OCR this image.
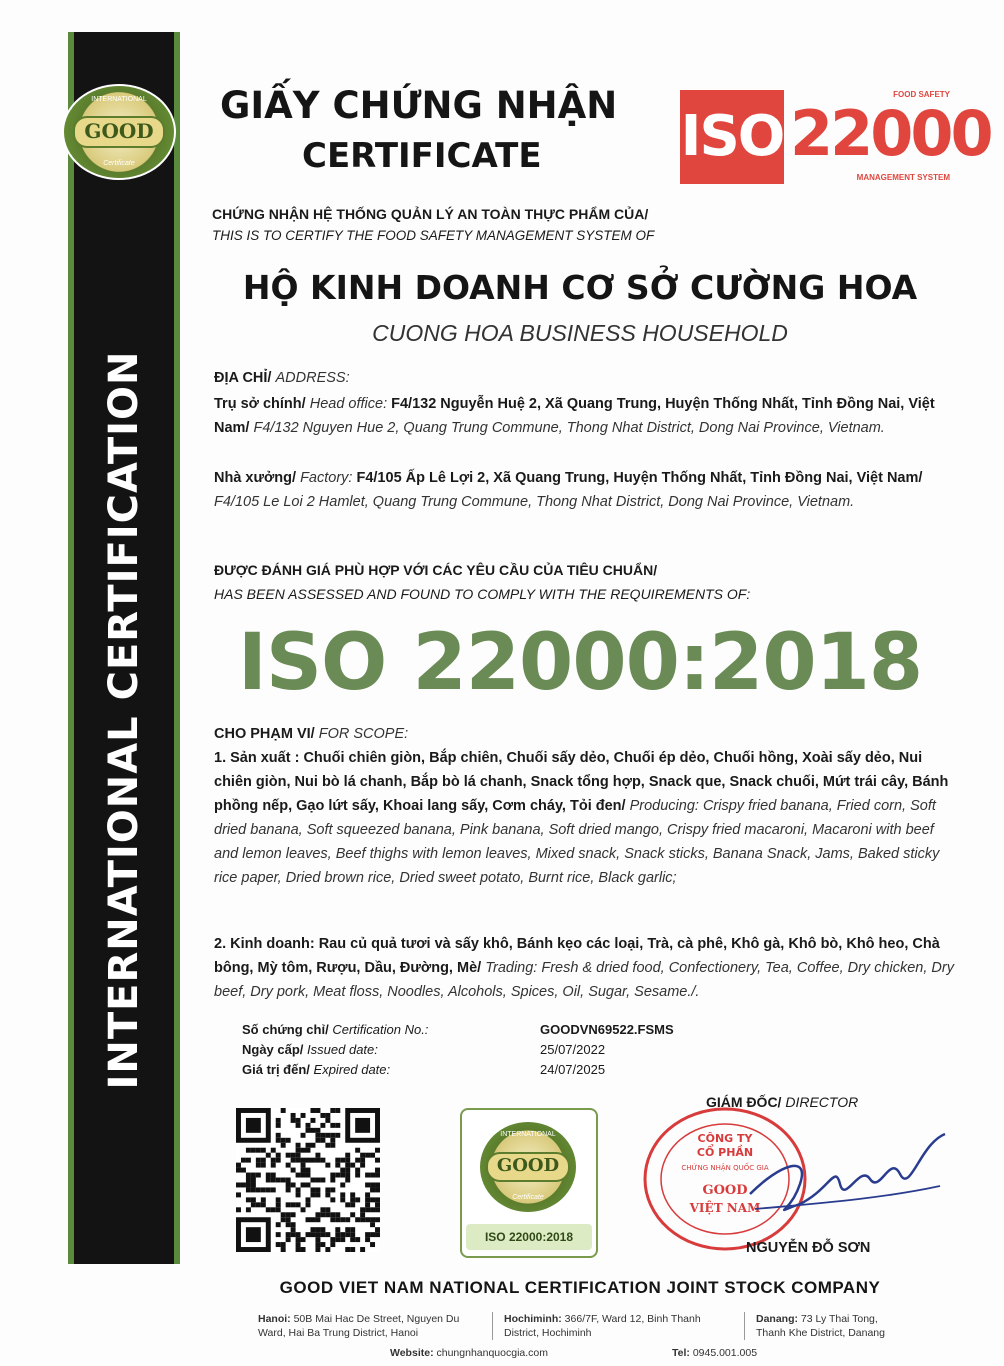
INTERNATIONAL CERTIFICATION
INTERNATIONAL
GOOD
Certificate
GIẤY CHỨNG NHẬN
CERTIFICATE ISO 22000
FOOD SAFETY
MANAGEMENT SYSTEM
CHỨNG NHẬN HỆ THỐNG QUẢN LÝ AN TOÀN THỰC PHẨM CỦA/
THIS IS TO CERTIFY THE FOOD SAFETY MANAGEMENT SYSTEM OF
HỘ KINH DOANH CƠ SỞ CƯỜNG HOA
CUONG HOA BUSINESS HOUSEHOLD
ĐỊA CHỈ/ ADDRESS:
Trụ sở chính/ Head office: F4/132 Nguyễn Huệ 2, Xã Quang Trung, Huyện Thống Nhất, Tỉnh Đồng Nai, Việt Nam/ F4/132 Nguyen Hue 2, Quang Trung Commune, Thong Nhat District, Dong Nai Province, Vietnam.
Nhà xưởng/ Factory: F4/105 Ấp Lê Lợi 2, Xã Quang Trung, Huyện Thống Nhất, Tỉnh Đồng Nai, Việt Nam/ F4/105 Le Loi 2 Hamlet, Quang Trung Commune, Thong Nhat District, Dong Nai Province, Vietnam.
ĐƯỢC ĐÁNH GIÁ PHÙ HỢP VỚI CÁC YÊU CẦU CỦA TIÊU CHUẨN/
HAS BEEN ASSESSED AND FOUND TO COMPLY WITH THE REQUIREMENTS OF:
ISO 22000:2018
CHO PHẠM VI/ FOR SCOPE:
1. Sản xuất : Chuối chiên giòn, Bắp chiên, Chuối sấy dẻo, Chuối ép dẻo, Chuối hồng, Xoài sấy dẻo, Nui chiên giòn, Nui bò lá chanh, Bắp bò lá chanh, Snack tổng hợp, Snack que, Snack chuối, Mứt trái cây, Bánh phồng nếp, Gạo lứt sấy, Khoai lang sấy, Cơm cháy, Tỏi đen/ Producing: Crispy fried banana, Fried corn, Soft dried banana, Soft squeezed banana, Pink banana, Soft dried mango, Crispy fried macaroni, Macaroni with beef and lemon leaves, Beef thighs with lemon leaves, Mixed snack, Snack sticks, Banana Snack, Jams, Baked sticky rice paper, Dried brown rice, Dried sweet potato, Burnt rice, Black garlic;
2. Kinh doanh: Rau củ quả tươi và sấy khô, Bánh kẹo các loại, Trà, cà phê, Khô gà, Khô bò, Khô heo, Chà bông, Mỳ tôm, Rượu, Dầu, Đường, Mè/ Trading: Fresh & dried food, Confectionery, Tea, Coffee, Dry chicken, Dry beef, Dry pork, Meat floss, Noodles, Alcohols, Spices, Oil, Sugar, Sesame./.
Số chứng chỉ/ Certification No.:	GOODVN69522.FSMS
Ngày cấp/ Issued date:	25/07/2022
Giá trị đến/ Expired date:	24/07/2025
INTERNATIONAL
GOOD
Certificate
ISO 22000:2018
GIÁM ĐỐC/ DIRECTOR
CÔNG TY
CỔ PHẦN
CHỨNG NHẬN QUỐC GIA
GOOD
VIỆT NAM
NGUYỄN ĐỖ SƠN
GOOD VIET NAM NATIONAL CERTIFICATION JOINT STOCK COMPANY
Hanoi: 50B Mai Hac De Street, Nguyen Du Ward, Hai Ba Trung District, Hanoi
Hochiminh: 366/7F, Ward 12, Binh Thanh District, Hochiminh
Danang: 73 Ly Thai Tong, Thanh Khe District, Danang
Website: chungnhanquocgia.com	Tel: 0945.001.005
